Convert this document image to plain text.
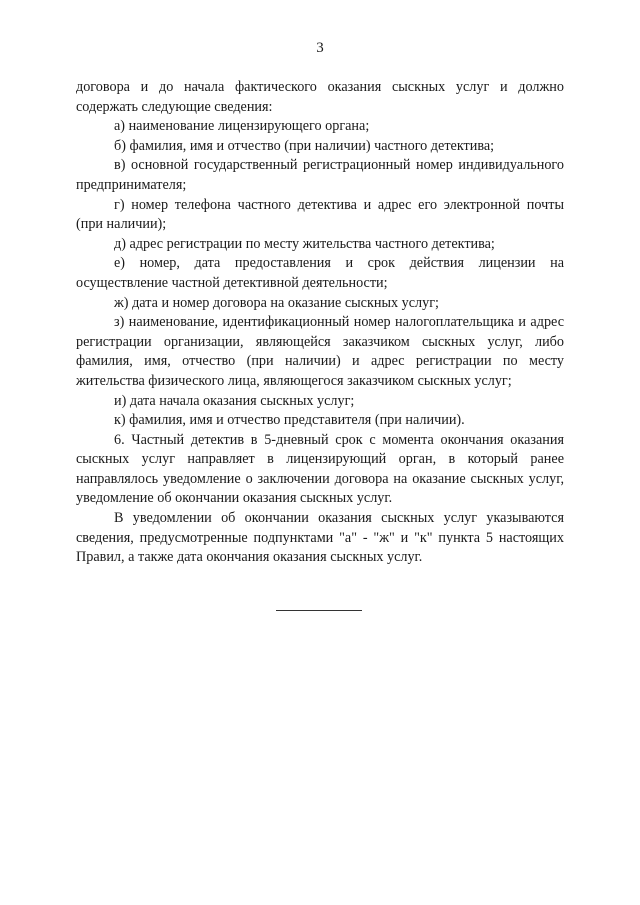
3

договора и до начала фактического оказания сыскных услуг и должно содержать следующие сведения:

а) наименование лицензирующего органа;

б) фамилия, имя и отчество (при наличии) частного детектива;

в) основной государственный регистрационный номер индивидуального предпринимателя;

г) номер телефона частного детектива и адрес его электронной почты (при наличии);

д) адрес регистрации по месту жительства частного детектива;

е) номер, дата предоставления и срок действия лицензии на осуществление частной детективной деятельности;

ж) дата и номер договора на оказание сыскных услуг;

з) наименование, идентификационный номер налогоплательщика и адрес регистрации организации, являющейся заказчиком сыскных услуг, либо фамилия, имя, отчество (при наличии) и адрес регистрации по месту жительства физического лица, являющегося заказчиком сыскных услуг;

и) дата начала оказания сыскных услуг;

к) фамилия, имя и отчество представителя (при наличии).

6. Частный детектив в 5-дневный срок с момента окончания оказания сыскных услуг направляет в лицензирующий орган, в который ранее направлялось уведомление о заключении договора на оказание сыскных услуг, уведомление об окончании оказания сыскных услуг.

В уведомлении об окончании оказания сыскных услуг указываются сведения, предусмотренные подпунктами "а" - "ж" и "к" пункта 5 настоящих Правил, а также дата окончания оказания сыскных услуг.
